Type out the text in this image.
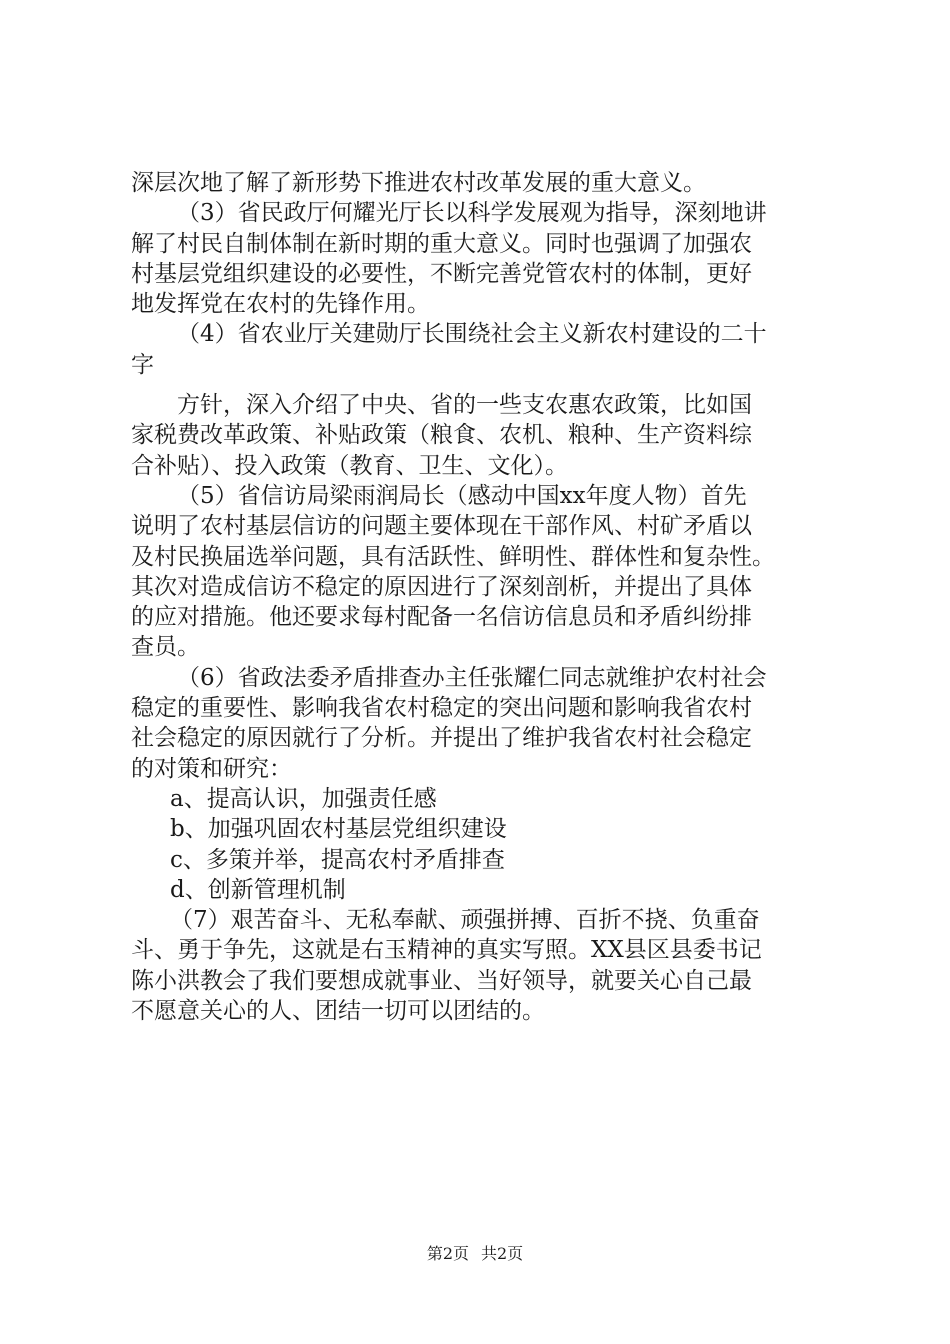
深层次地了解了新形势下推进农村改革发展的重大意义。
（3）省民政厅何耀光厅长以科学发展观为指导，深刻地讲
解了村民自制体制在新时期的重大意义。同时也强调了加强农
村基层党组织建设的必要性，不断完善党管农村的体制，更好
地发挥党在农村的先锋作用。
（4）省农业厅关建勋厅长围绕社会主义新农村建设的二十
字
方针，深入介绍了中央、省的一些支农惠农政策，比如国
家税费改革政策、补贴政策（粮食、农机、粮种、生产资料综
合补贴）、投入政策（教育、卫生、文化）。
（5）省信访局梁雨润局长（感动中国xx年度人物）首先
说明了农村基层信访的问题主要体现在干部作风、村矿矛盾以
及村民换届选举问题，具有活跃性、鲜明性、群体性和复杂性。
其次对造成信访不稳定的原因进行了深刻剖析，并提出了具体
的应对措施。他还要求每村配备一名信访信息员和矛盾纠纷排
查员。
（6）省政法委矛盾排查办主任张耀仁同志就维护农村社会
稳定的重要性、影响我省农村稳定的突出问题和影响我省农村
社会稳定的原因就行了分析。并提出了维护我省农村社会稳定
的对策和研究：
a、提高认识，加强责任感
b、加强巩固农村基层党组织建设
c、多策并举，提高农村矛盾排查
d、创新管理机制
（7）艰苦奋斗、无私奉献、顽强拼搏、百折不挠、负重奋
斗、勇于争先，这就是右玉精神的真实写照。XX县区县委书记
陈小洪教会了我们要想成就事业、当好领导，就要关心自己最
不愿意关心的人、团结一切可以团结的。
第2页 共2页
